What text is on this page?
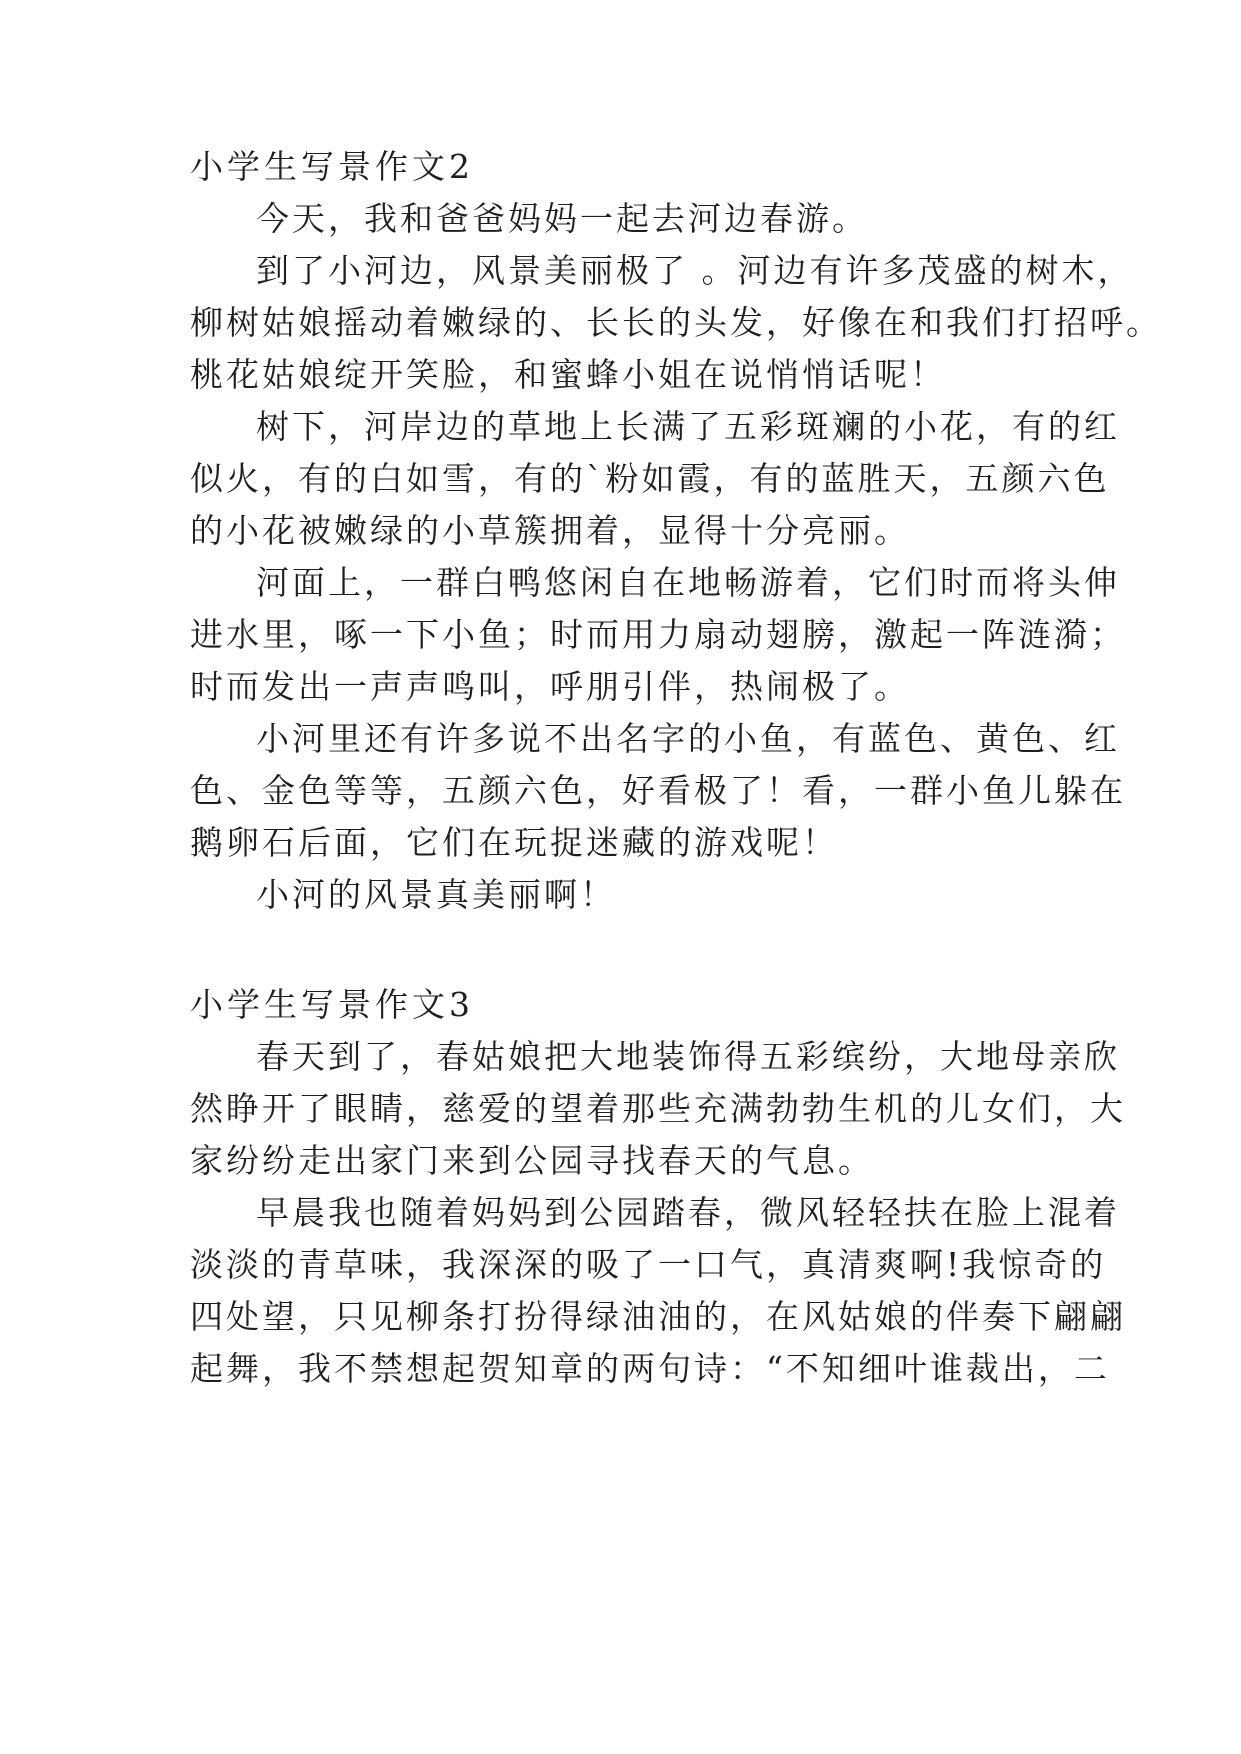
小学生写景作文2
今天，我和爸爸妈妈一起去河边春游。
到了小河边，风景美丽极了 。河边有许多茂盛的树木，
柳树姑娘摇动着嫩绿的、长长的头发，好像在和我们打招呼。
桃花姑娘绽开笑脸，和蜜蜂小姐在说悄悄话呢！
树下，河岸边的草地上长满了五彩斑斓的小花，有的红
似火，有的白如雪，有的`粉如霞，有的蓝胜天，五颜六色
的小花被嫩绿的小草簇拥着，显得十分亮丽。
河面上，一群白鸭悠闲自在地畅游着，它们时而将头伸
进水里，啄一下小鱼；时而用力扇动翅膀，激起一阵涟漪；
时而发出一声声鸣叫，呼朋引伴，热闹极了。
小河里还有许多说不出名字的小鱼，有蓝色、黄色、红
色、金色等等，五颜六色，好看极了！看，一群小鱼儿躲在
鹅卵石后面，它们在玩捉迷藏的游戏呢！
小河的风景真美丽啊！
小学生写景作文3
春天到了，春姑娘把大地装饰得五彩缤纷，大地母亲欣
然睁开了眼睛，慈爱的望着那些充满勃勃生机的儿女们，大
家纷纷走出家门来到公园寻找春天的气息。
早晨我也随着妈妈到公园踏春，微风轻轻扶在脸上混着
淡淡的青草味，我深深的吸了一口气，真清爽啊!我惊奇的
四处望，只见柳条打扮得绿油油的，在风姑娘的伴奏下翩翩
起舞，我不禁想起贺知章的两句诗：“不知细叶谁裁出，二
